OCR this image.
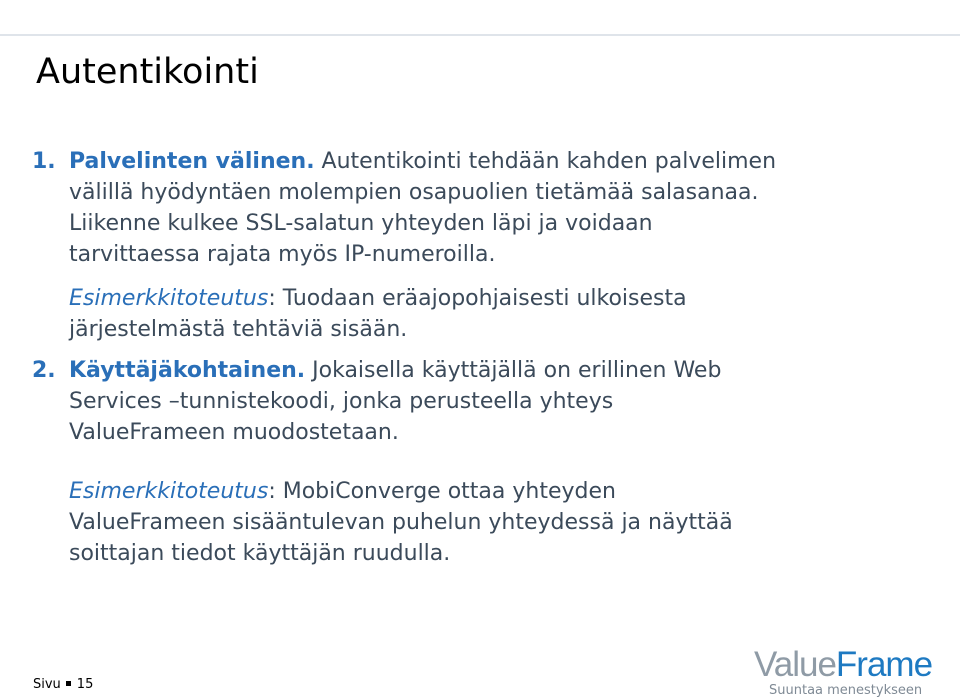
Autentikointi
1. Palvelinten välinen. Autentikointi tehdään kahden palvelimen
välillä hyödyntäen molempien osapuolien tietämää salasanaa.
Liikenne kulkee SSL-salatun yhteyden läpi ja voidaan
tarvittaessa rajata myös IP-numeroilla.
Esimerkkitoteutus: Tuodaan eräajopohjaisesti ulkoisesta
järjestelmästä tehtäviä sisään.
2. Käyttäjäkohtainen. Jokaisella käyttäjällä on erillinen Web
Services –tunnistekoodi, jonka perusteella yhteys
ValueFrameen muodostetaan.
Esimerkkitoteutus: MobiConverge ottaa yhteyden
ValueFrameen sisääntulevan puhelun yhteydessä ja näyttää
soittajan tiedot käyttäjän ruudulla.
Sivu 15
ValueFrame
Suuntaa menestykseen
